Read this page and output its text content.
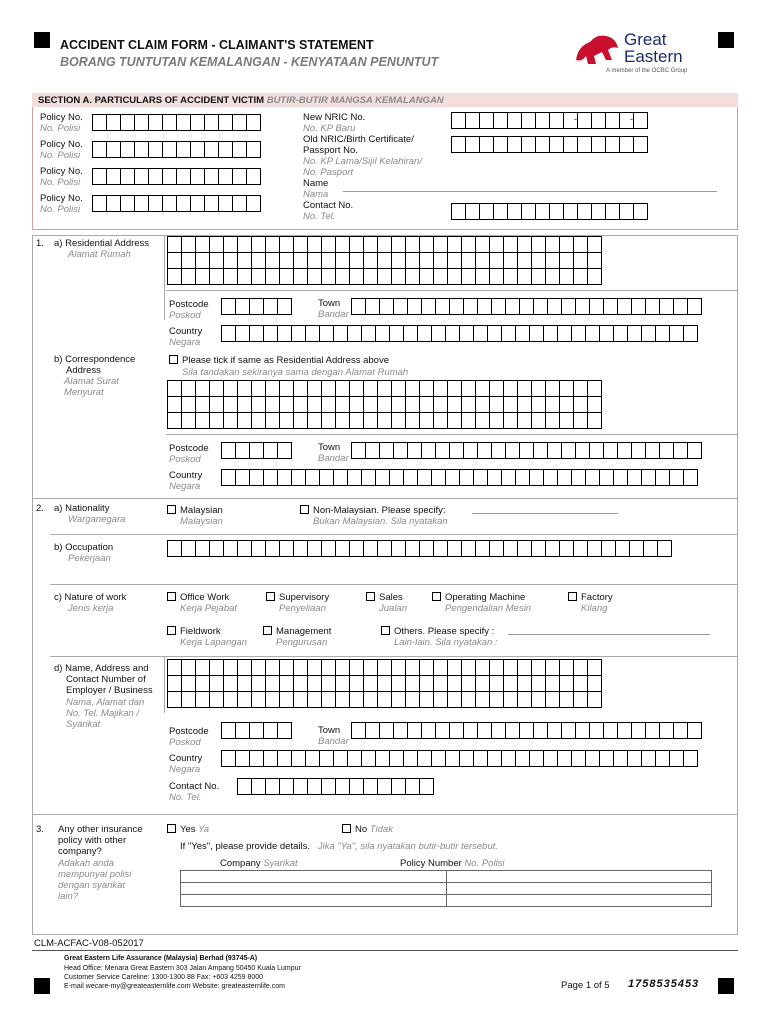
ACCIDENT CLAIM FORM - CLAIMANT'S STATEMENT
BORANG TUNTUTAN KEMALANGAN - KENYATAAN PENUNTUT
Great
Eastern
A member of the OCBC Group
SECTION A. PARTICULARS OF ACCIDENT VICTIM BUTIR-BUTIR MANGSA KEMALANGAN
Policy No.
No. Polisi
Policy No.
No. Polisi
Policy No.
No. Polisi
Policy No.
No. Polisi
New NRIC No.
No. KP Baru
Old NRIC/Birth Certificate/
Passport No.
No. KP Lama/Sijil Kelahiran/
No. Pasport
Name
Nama
Contact No.
No. Tel.
-	-
1. a) Residential Address
Alamat Rumah
Postcode
Poskod
Town
Bandar
Country
Negara
b) Correspondence
Address
Alamat Surat
Menyurat
Please tick if same as Residential Address above
Sila tandakan sekiranya sama dengan Alamat Rumah
Postcode
Poskod
Town
Bandar
Country
Negara
2. a) Nationality
Warganegara
Malaysian
Malaysian
Non-Malaysian. Please specify:
Bukan Malaysian. Sila nyatakan
b) Occupation
Pekerjaan
c) Nature of work
Jenis kerja
Office Work
Kerja Pejabat
Supervisory
Penyeliaan
Sales
Jualan
Operating Machine
Pengendalian Mesin
Factory
Kilang
Fieldwork
Kerja Lapangan
Management
Pengurusan
Others. Please specify :
Lain-lain. Sila nyatakan :
d) Name, Address and
Contact Number of
Employer / Business
Nama, Alamat dan
No. Tel. Majikan /
Syarikat
Postcode
Poskod
Town
Bandar
Country
Negara
Contact No.
No. Tel.
3. Any other insurance
policy with other
company?
Adakah anda
mempunyai polisi
dengan syarikat
lain?
Yes Ya	No Tidak
If "Yes", please provide details. Jika "Ya", sila nyatakan butir-butir tersebut.
Company Syarikat	Policy Number No. Polisi

CLM-ACFAC-V08-052017
Great Eastern Life Assurance (Malaysia) Berhad (93745-A)
Head Office: Menara Great Eastern 303 Jalan Ampang 50450 Kuala Lumpur
Customer Service Careline: 1300-1300 88 Fax: +603 4259 8000
E-mail wecare-my@greateasternlife.com Website: greateasternlife.com	Page 1 of 5 1758535453
